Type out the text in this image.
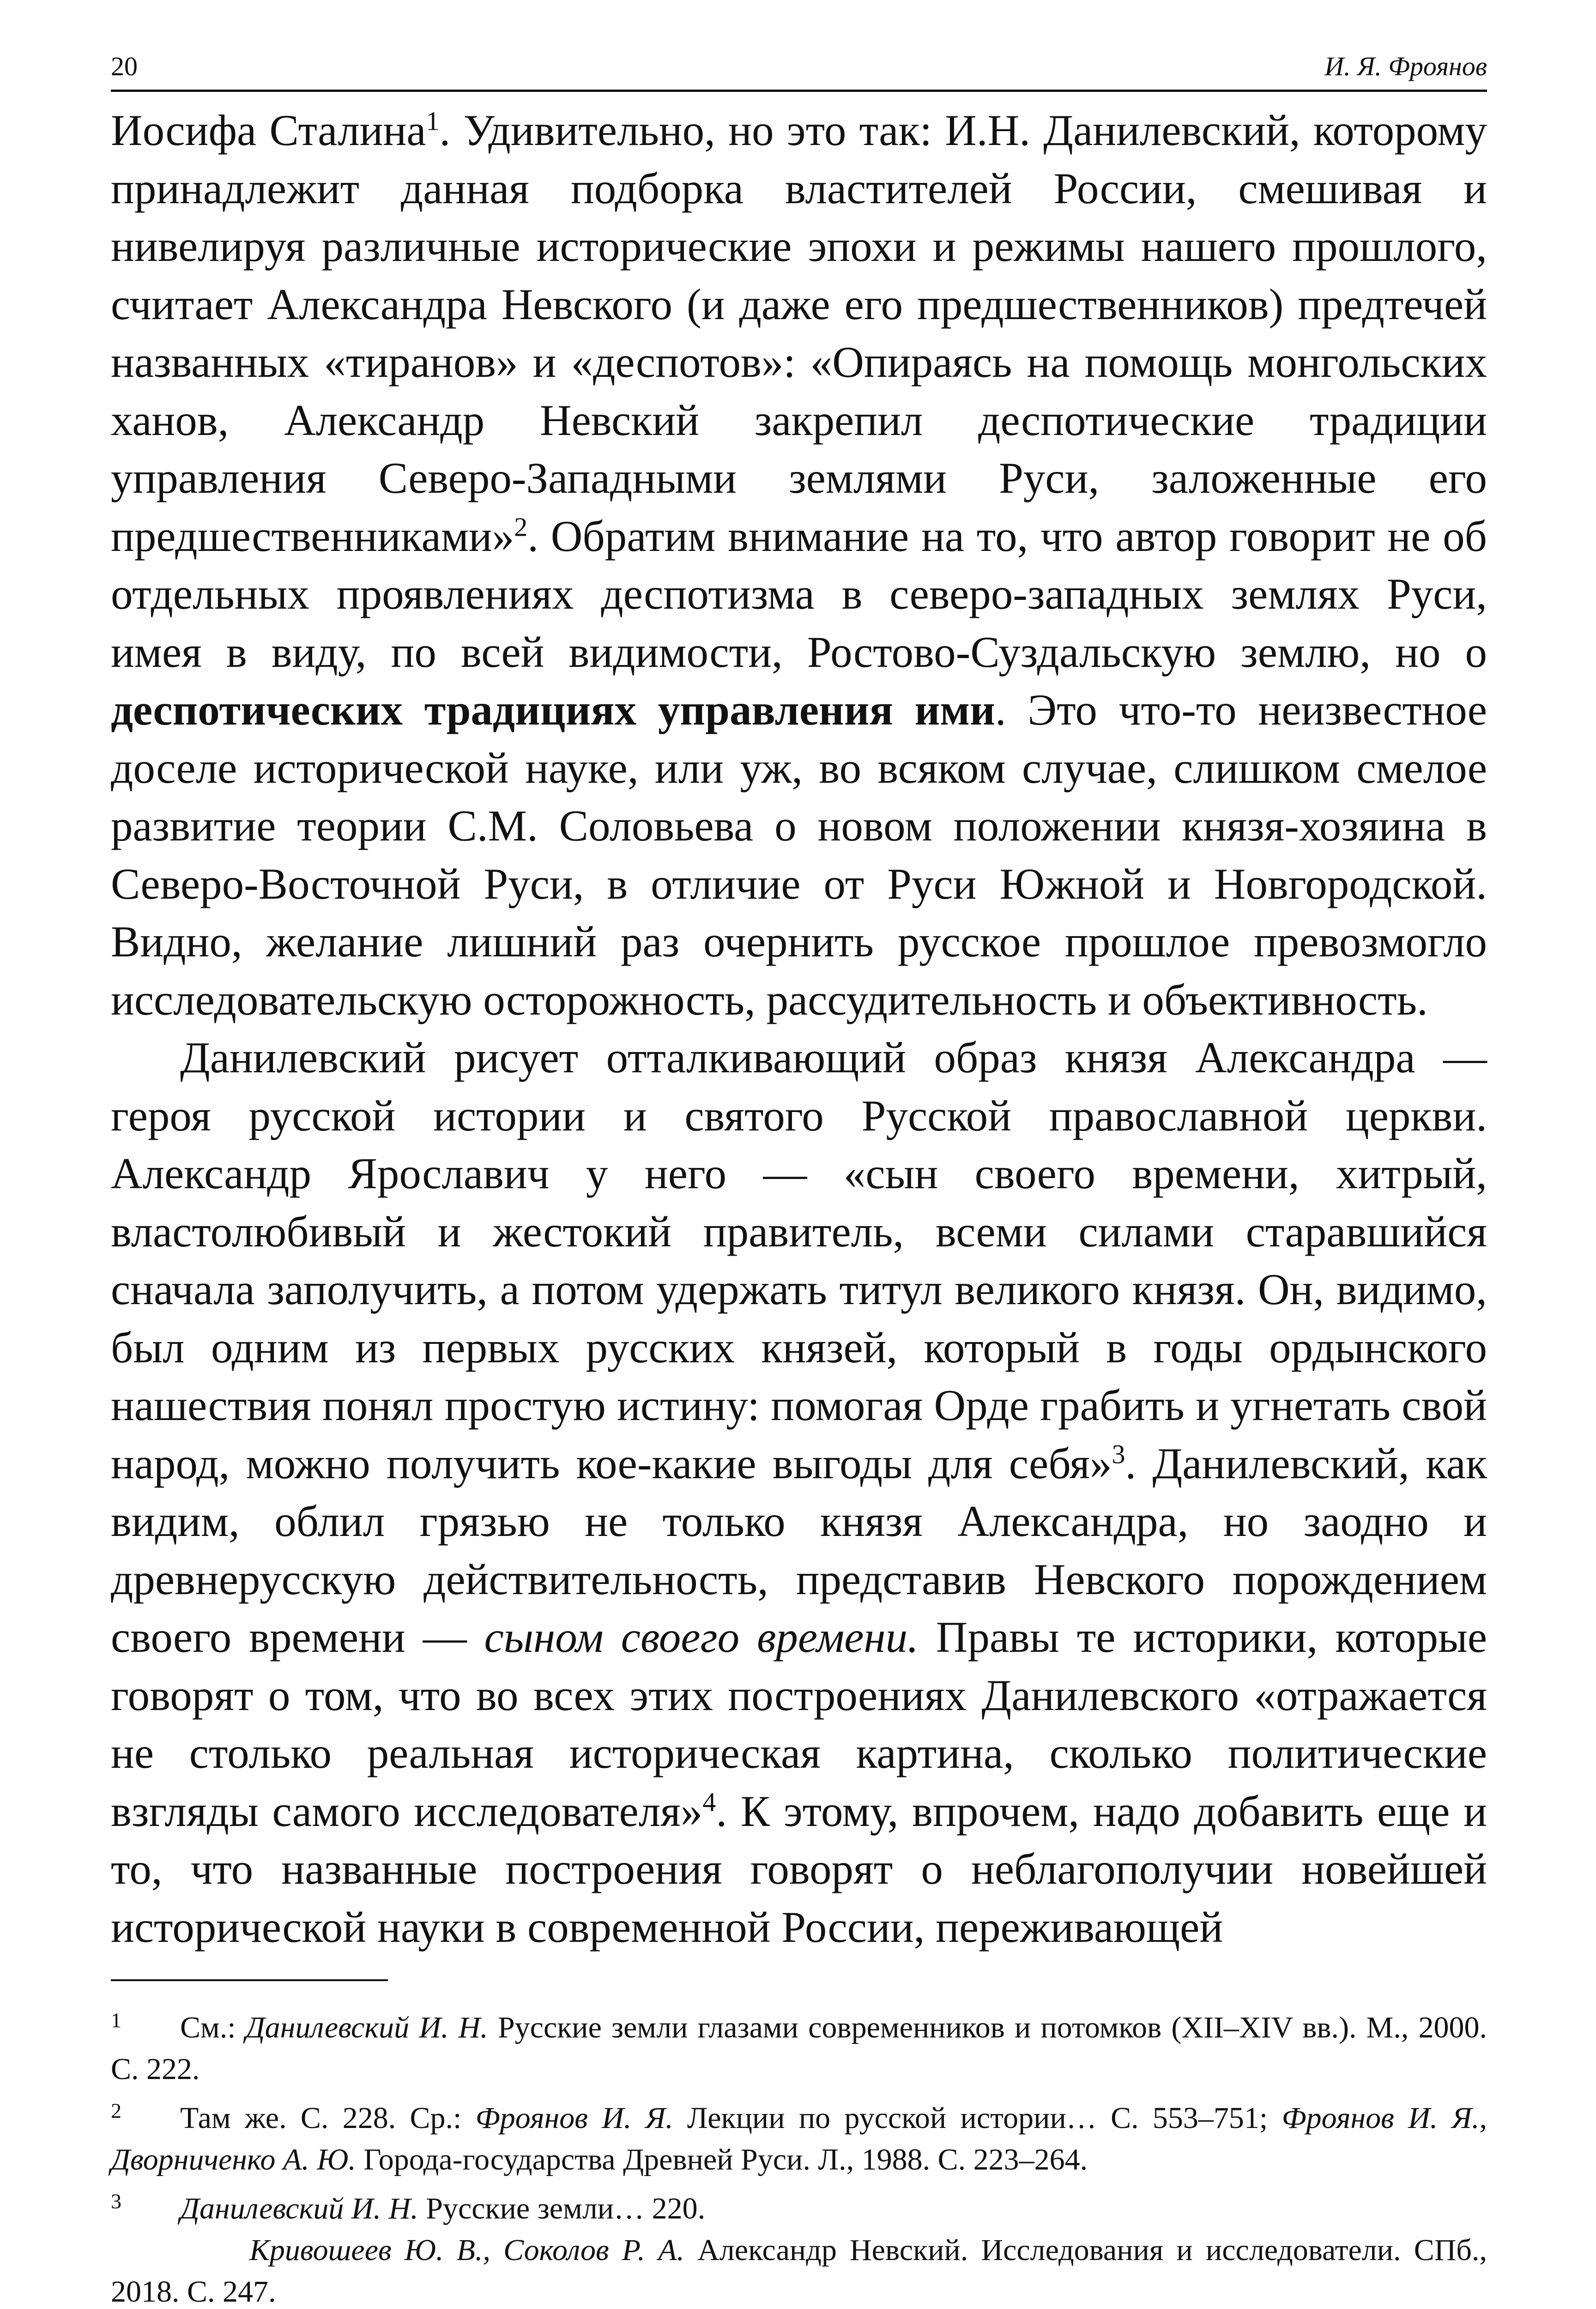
20	И. Я. Фроянов

Иосифа Сталина$^1$. Удивительно, но это так: И.Н. Данилевский, которому принадлежит данная подборка властителей России, смешивая и нивелируя различные исторические эпохи и режимы нашего прошлого, считает Александра Невского (и даже его предшественников) предтечей названных «тиранов» и «деспотов»: «Опираясь на помощь монгольских ханов, Александр Невский закрепил деспотические традиции управления Северо-Западными землями Руси, заложенные его предшественниками»$^2$. Обратим внимание на то, что автор говорит не об отдельных проявлениях деспотизма в северо-западных землях Руси, имея в виду, по всей видимости, Ростово-Суздальскую землю, но о деспотических традициях управления ими. Это что-то неизвестное доселе исторической науке, или уж, во всяком случае, слишком смелое развитие теории С.М. Соловьева о новом положении князя-хозяина в Северо-Восточной Руси, в отличие от Руси Южной и Новгородской. Видно, желание лишний раз очернить русское прошлое превозмогло исследовательскую осторожность, рассудительность и объективность.

Данилевский рисует отталкивающий образ князя Александра — героя русской истории и святого Русской православной церкви. Александр Ярославич у него — «сын своего времени, хитрый, властолюбивый и жестокий правитель, всеми силами старавшийся сначала заполучить, а потом удержать титул великого князя. Он, видимо, был одним из первых русских князей, который в годы ордынского нашествия понял простую истину: помогая Орде грабить и угнетать свой народ, можно получить кое-какие выгоды для себя»$^3$. Данилевский, как видим, облил грязью не только князя Александра, но заодно и древнерусскую действительность, представив Невского порождением своего времени — сыном своего времени. Правы те историки, которые говорят о том, что во всех этих построениях Данилевского «отражается не столько реальная историческая картина, сколько политические взгляды самого исследователя»$^4$. К этому, впрочем, надо добавить еще и то, что названные построения говорят о неблагополучии новейшей исторической науки в современной России, переживающей

1 См.: Данилевский И. Н. Русские земли глазами современников и потомков (XII–XIV вв.). М., 2000. С. 222.

2 Там же. С. 228. Ср.: Фроянов И. Я. Лекции по русской истории… С. 553–751; Фроянов И. Я., Дворниченко А. Ю. Города-государства Древней Руси. Л., 1988. С. 223–264.

3 Данилевский И. Н. Русские земли… 220.

Кривошеев Ю. В., Соколов Р. А. Александр Невский. Исследования и исследователи. СПб., 2018. С. 247.
